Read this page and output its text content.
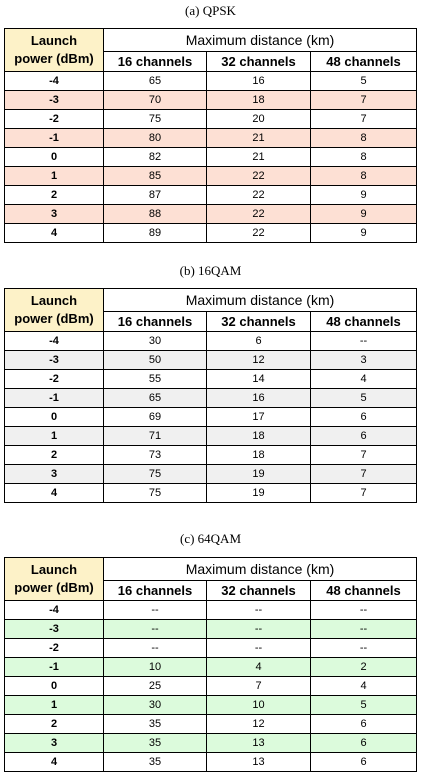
(a) QPSK
Launch
power (dBm)	Maximum distance (km)		
	16 channels	32 channels	48 channels
-4	65	16	5
-3	70	18	7
-2	75	20	7
-1	80	21	8
0	82	21	8
1	85	22	8
2	87	22	9
3	88	22	9
4	89	22	9
(b) 16QAM
Launch
power (dBm)	Maximum distance (km)		
	16 channels	32 channels	48 channels
-4	30	6	--
-3	50	12	3
-2	55	14	4
-1	65	16	5
0	69	17	6
1	71	18	6
2	73	18	7
3	75	19	7
4	75	19	7
(c) 64QAM
Launch
power (dBm)	Maximum distance (km)		
	16 channels	32 channels	48 channels
-4	--	--	--
-3	--	--	--
-2	--	--	--
-1	10	4	2
0	25	7	4
1	30	10	5
2	35	12	6
3	35	13	6
4	35	13	6
